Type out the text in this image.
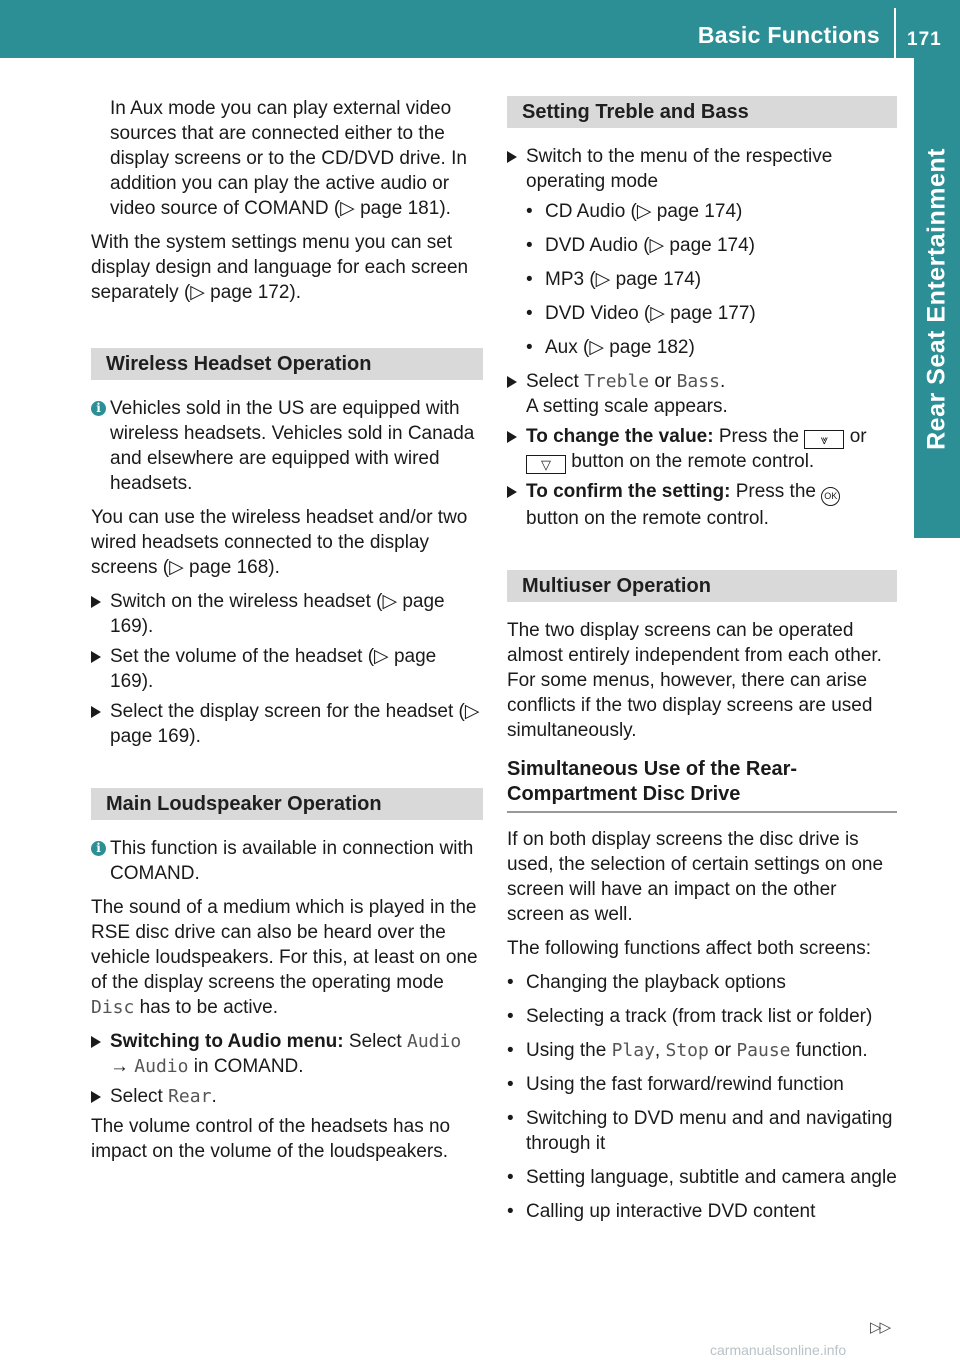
Basic Functions 171
Rear Seat Entertainment

In Aux mode you can play external video sources that are connected either to the display screens or to the CD/DVD drive. In addition you can play the active audio or video source of COMAND (▷ page 181).

With the system settings menu you can set display design and language for each screen separately (▷ page 172).

Wireless Headset Operation
i Vehicles sold in the US are equipped with wireless headsets. Vehicles sold in Canada and elsewhere are equipped with wired headsets.

You can use the wireless headset and/or two wired headsets connected to the display screens (▷ page 168).

Switch on the wireless headset (▷ page 169).
Set the volume of the headset (▷ page 169).
Select the display screen for the headset (▷ page 169).
Main Loudspeaker Operation
i This function is available in connection with COMAND.

The sound of a medium which is played in the RSE disc drive can also be heard over the vehicle loudspeakers. For this, at least on one of the display screens the operating mode Disc has to be active.

Switching to Audio menu: Select Audio
→ Audio in COMAND.
Select Rear.

The volume control of the headsets has no impact on the volume of the loudspeakers.

Setting Treble and Bass
Switch to the menu of the respective operating mode
• CD Audio (▷ page 174)
• DVD Audio (▷ page 174)
• MP3 (▷ page 174)
• DVD Video (▷ page 177)
• Aux (▷ page 182)
Select Treble or Bass.
A setting scale appears.
To change the value: Press the ⩔ or
▽ button on the remote control.
To confirm the setting: Press the OK
button on the remote control.
Multiuser Operation

The two display screens can be operated almost entirely independent from each other. For some menus, however, there can arise conflicts if the two display screens are used simultaneously.

Simultaneous Use of the Rear-Compartment Disc Drive

If on both display screens the disc drive is used, the selection of certain settings on one screen will have an impact on the other screen as well.

The following functions affect both screens:

• Changing the playback options
• Selecting a track (from track list or folder)
• Using the Play, Stop or Pause function.
• Using the fast forward/rewind function
• Switching to DVD menu and and navigating through it
• Setting language, subtitle and camera angle
• Calling up interactive DVD content
▷▷
carmanualsonline.info
